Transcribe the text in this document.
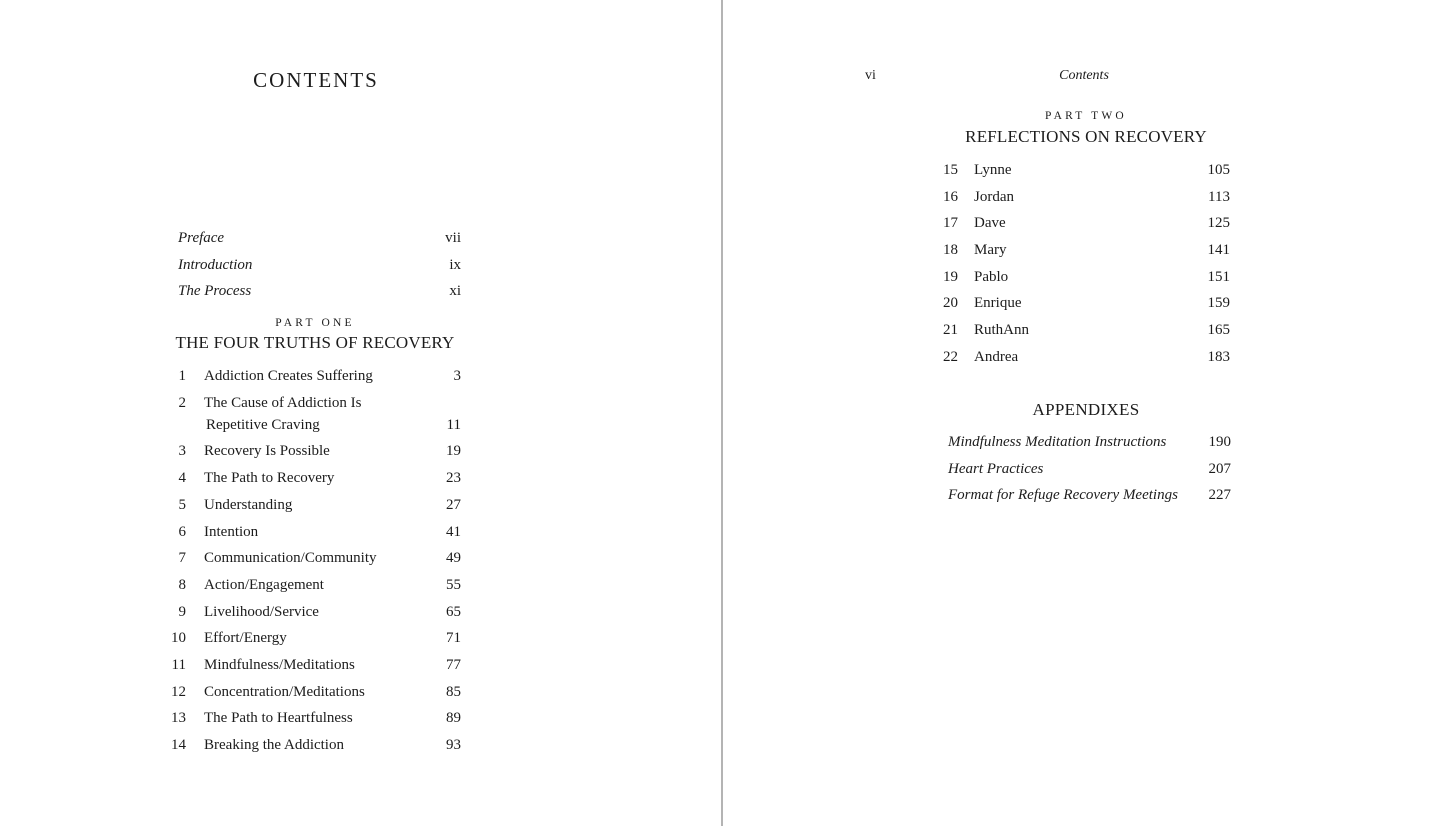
CONTENTS
Preface	vii
Introduction	ix
The Process	xi
PART ONE
THE FOUR TRUTHS OF RECOVERY
1 Addiction Creates Suffering	3
2 The Cause of Addiction Is
Repetitive Craving	11
3 Recovery Is Possible	19
4 The Path to Recovery	23
5 Understanding	27
6 Intention	41
7 Communication/Community	49
8 Action/Engagement	55
9 Livelihood/Service	65
10 Effort/Energy	71
11 Mindfulness/Meditations	77
12 Concentration/Meditations	85
13 The Path to Heartfulness	89
14 Breaking the Addiction	93
vi	Contents
PART TWO
REFLECTIONS ON RECOVERY
15 Lynne	105
16 Jordan	113
17 Dave	125
18 Mary	141
19 Pablo	151
20 Enrique	159
21 RuthAnn	165
22 Andrea	183
APPENDIXES
Mindfulness Meditation Instructions	190
Heart Practices	207
Format for Refuge Recovery Meetings 227
